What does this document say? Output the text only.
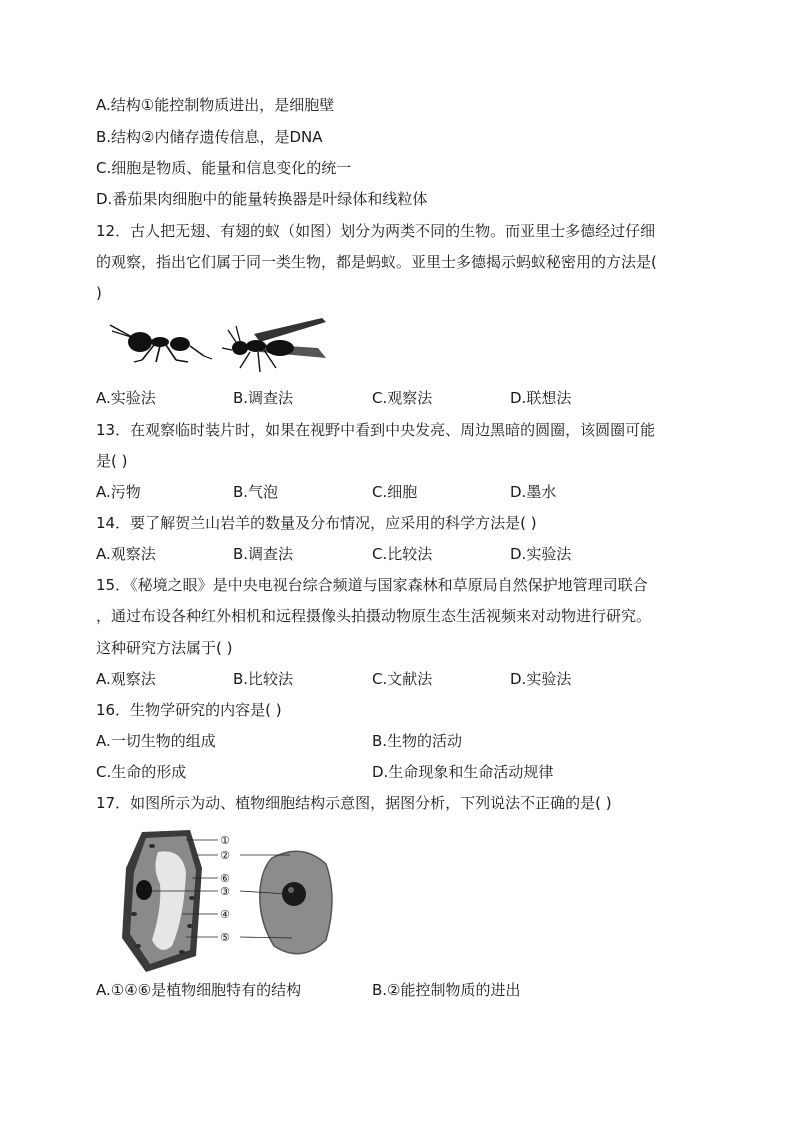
A.结构①能控制物质进出，是细胞壁
B.结构②内储存遗传信息，是DNA
C.细胞是物质、能量和信息变化的统一
D.番茄果肉细胞中的能量转换器是叶绿体和线粒体
12．古人把无翅、有翅的蚁（如图）划分为两类不同的生物。而亚里士多德经过仔细
的观察，指出它们属于同一类生物，都是蚂蚁。亚里士多德揭示蚂蚁秘密用的方法是(
)
A.实验法	B.调查法	C.观察法	D.联想法
13．在观察临时装片时，如果在视野中看到中央发亮、周边黑暗的圆圈，该圆圈可能
是( )
A.污物	B.气泡	C.细胞	D.墨水
14．要了解贺兰山岩羊的数量及分布情况，应采用的科学方法是( )
A.观察法	B.调查法	C.比较法	D.实验法
15．《秘境之眼》是中央电视台综合频道与国家森林和草原局自然保护地管理司联合
，通过布设各种红外相机和远程摄像头拍摄动物原生态生活视频来对动物进行研究。
这种研究方法属于( )
A.观察法	B.比较法	C.文献法	D.实验法
16．生物学研究的内容是( )
A.一切生物的组成	B.生物的活动
C.生命的形成	D.生命现象和生命活动规律
17．如图所示为动、植物细胞结构示意图，据图分析，下列说法不正确的是( )
①
②
⑥
③
④
⑤
A.①④⑥是植物细胞特有的结构	B.②能控制物质的进出
